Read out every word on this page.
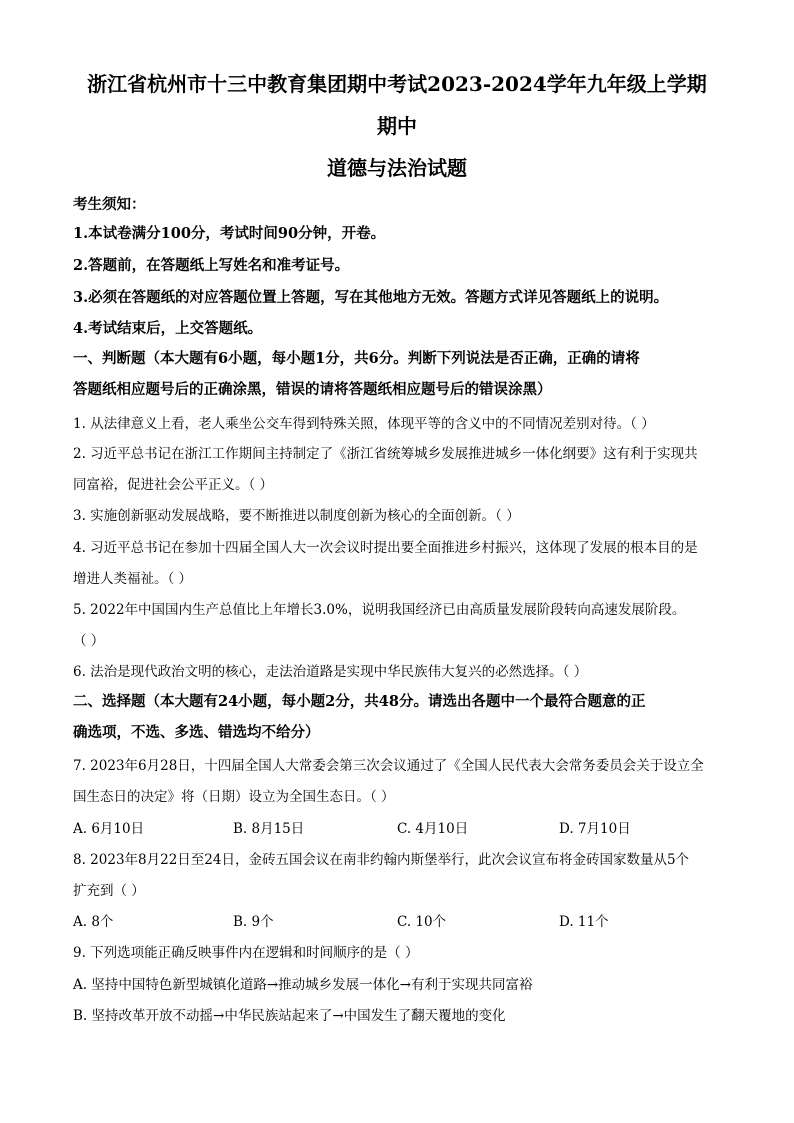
浙江省杭州市十三中教育集团期中考试2023-2024学年九年级上学期
期中
道德与法治试题
考生须知：
1.本试卷满分100分，考试时间90分钟，开卷。
2.答题前，在答题纸上写姓名和准考证号。
3.必须在答题纸的对应答题位置上答题，写在其他地方无效。答题方式详见答题纸上的说明。
4.考试结束后，上交答题纸。
一、判断题（本大题有6小题，每小题1分，共6分。判断下列说法是否正确，正确的请将
答题纸相应题号后的正确涂黑，错误的请将答题纸相应题号后的错误涂黑）
1. 从法律意义上看，老人乘坐公交车得到特殊关照，体现平等的含义中的不同情况差别对待。（ ）
2. 习近平总书记在浙江工作期间主持制定了《浙江省统筹城乡发展推进城乡一体化纲要》这有利于实现共
同富裕，促进社会公平正义。（ ）
3. 实施创新驱动发展战略，要不断推进以制度创新为核心的全面创新。（ ）
4. 习近平总书记在参加十四届全国人大一次会议时提出要全面推进乡村振兴，这体现了发展的根本目的是
增进人类福祉。（ ）
5. 2022年中国国内生产总值比上年增长3.0%，说明我国经济已由高质量发展阶段转向高速发展阶段。
（ ）
6. 法治是现代政治文明的核心，走法治道路是实现中华民族伟大复兴的必然选择。（ ）
二、选择题（本大题有24小题，每小题2分，共48分。请选出各题中一个最符合题意的正
确选项，不选、多选、错选均不给分）
7. 2023年6月28日，十四届全国人大常委会第三次会议通过了《全国人民代表大会常务委员会关于设立全
国生态日的决定》将（日期）设立为全国生态日。（ ）
A. 6月10日	B. 8月15日	C. 4月10日	D. 7月10日
8. 2023年8月22日至24日，金砖五国会议在南非约翰内斯堡举行，此次会议宣布将金砖国家数量从5个
扩充到（ ）
A. 8个	B. 9个	C. 10个	D. 11个
9. 下列选项能正确反映事件内在逻辑和时间顺序的是（ ）
A. 坚持中国特色新型城镇化道路→推动城乡发展一体化→有利于实现共同富裕
B. 坚持改革开放不动摇→中华民族站起来了→中国发生了翻天覆地的变化
